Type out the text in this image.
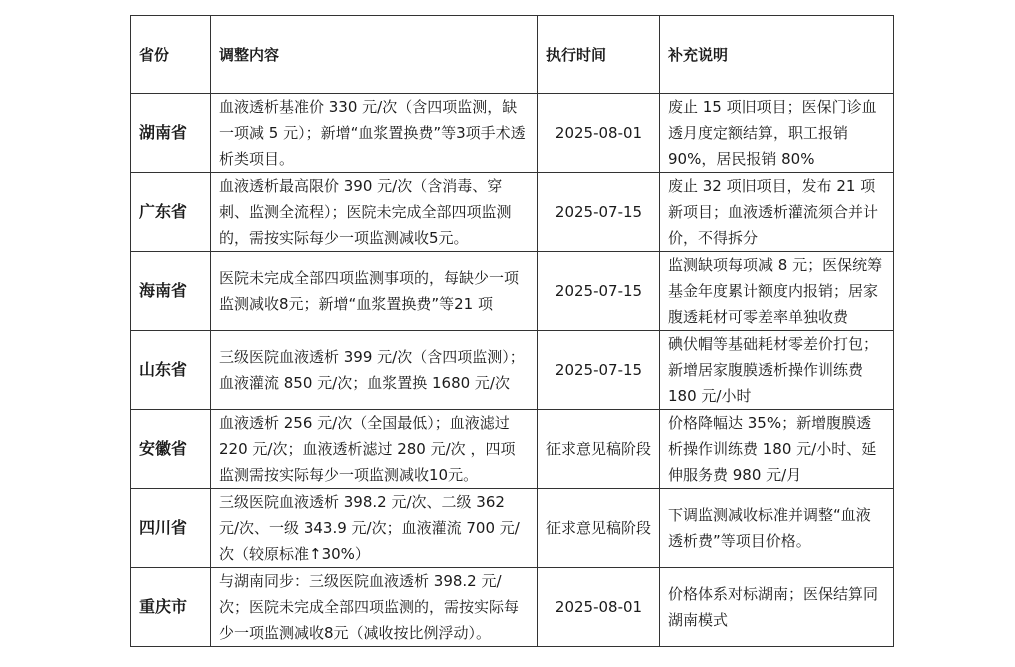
省份	调整内容	执行时间	补充说明
湖南省	血液透析基准价 330 元/次（含四项监测，缺一项减 5 元）；新增“血浆置换费”等3项手术透析类项目。	2025-08-01	废止 15 项旧项目；医保门诊血透月度定额结算，职工报销 90%，居民报销 80%
广东省	血液透析最高限价 390 元/次（含消毒、穿刺、监测全流程）；医院未完成全部四项监测的，需按实际每少一项监测减收5元。	2025-07-15	废止 32 项旧项目，发布 21 项新项目；血液透析灌流须合并计价，不得拆分
海南省	医院未完成全部四项监测事项的，每缺少一项监测减收8元；新增“血浆置换费”等21 项	2025-07-15	监测缺项每项减 8 元；医保统筹基金年度累计额度内报销；居家腹透耗材可零差率单独收费
山东省	三级医院血液透析 399 元/次（含四项监测）；血液灌流 850 元/次；血浆置换 1680 元/次	2025-07-15	碘伏帽等基础耗材零差价打包；新增居家腹膜透析操作训练费 180 元/小时
安徽省	血液透析 256 元/次（全国最低）；血液滤过 220 元/次；血液透析滤过 280 元/次 ，四项监测需按实际每少一项监测减收10元。	征求意见稿阶段	价格降幅达 35%；新增腹膜透析操作训练费 180 元/小时、延伸服务费 980 元/月
四川省	三级医院血液透析 398.2 元/次、二级 362 元/次、一级 343.9 元/次；血液灌流 700 元/次（较原标准↑30%）	征求意见稿阶段	下调监测减收标准并调整“血液透析费”等项目价格。
重庆市	与湖南同步：三级医院血液透析 398.2 元/次；医院未完成全部四项监测的，需按实际每少一项监测减收8元（减收按比例浮动）。	2025-08-01	价格体系对标湖南；医保结算同湖南模式
